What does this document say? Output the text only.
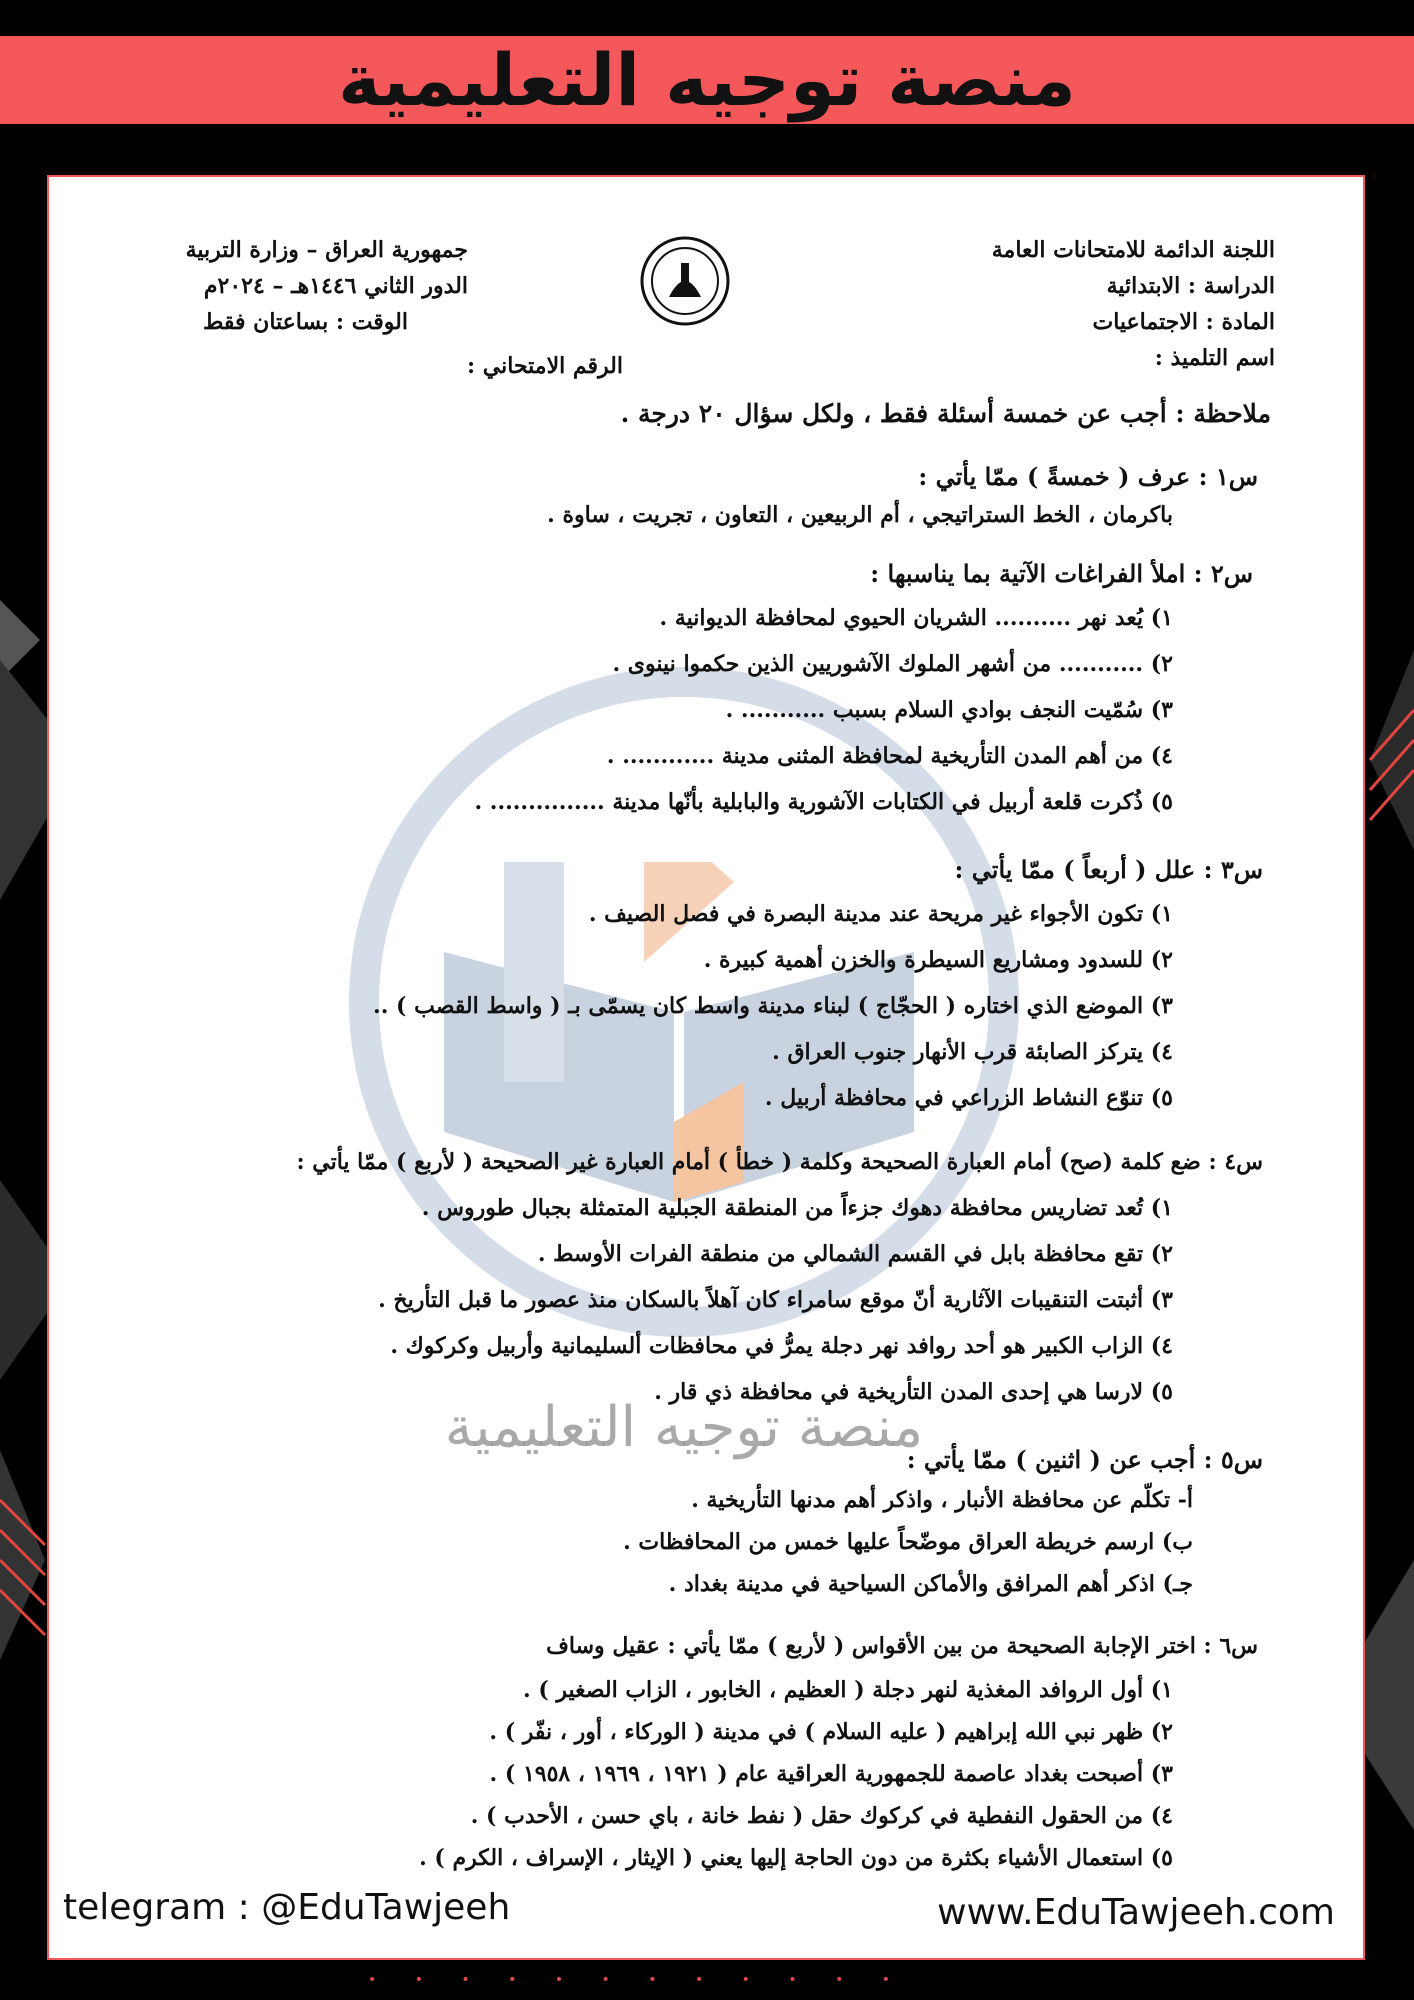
منصة توجيه التعليمية
منصة توجيه التعليمية
اللجنة الدائمة للامتحانات العامة
الدراسة : الابتدائية
المادة : الاجتماعيات
اسم التلميذ :
جمهورية العراق – وزارة التربية
الدور الثاني ١٤٤٦هـ – ٢٠٢٤م
الوقت : بساعتان فقط
الرقم الامتحاني :
ملاحظة : أجب عن خمسة أسئلة فقط ، ولكل سؤال ٢٠ درجة .
س١ : عرف ( خمسةً ) ممّا يأتي :
باكرمان ، الخط الستراتيجي ، أم الربيعين ، التعاون ، تجريت ، ساوة .
س٢ : املأ الفراغات الآتية بما يناسبها :
١) يُعد نهر .......... الشريان الحيوي لمحافظة الديوانية .
٢) ........... من أشهر الملوك الآشوريين الذين حكموا نينوى .
٣) سُمّيت النجف بوادي السلام بسبب ........... .
٤) من أهم المدن التأريخية لمحافظة المثنى مدينة ............ .
٥) ذُكرت قلعة أربيل في الكتابات الآشورية والبابلية بأنّها مدينة ............... .
س٣ : علل ( أربعاً ) ممّا يأتي :
١) تكون الأجواء غير مريحة عند مدينة البصرة في فصل الصيف .
٢) للسدود ومشاريع السيطرة والخزن أهمية كبيرة .
٣) الموضع الذي اختاره ( الحجّاج ) لبناء مدينة واسط كان يسمّى بـ ( واسط القصب ) ..
٤) يتركز الصابئة قرب الأنهار جنوب العراق .
٥) تنوّع النشاط الزراعي في محافظة أربيل .
س٤ : ضع كلمة (صح) أمام العبارة الصحيحة وكلمة ( خطأ ) أمام العبارة غير الصحيحة ( لأربع ) ممّا يأتي :
١) تُعد تضاريس محافظة دهوك جزءاً من المنطقة الجبلية المتمثلة بجبال طوروس .
٢) تقع محافظة بابل في القسم الشمالي من منطقة الفرات الأوسط .
٣) أثبتت التنقيبات الآثارية أنّ موقع سامراء كان آهلاً بالسكان منذ عصور ما قبل التأريخ .
٤) الزاب الكبير هو أحد روافد نهر دجلة يمرُّ في محافظات ألسليمانية وأربيل وكركوك .
٥) لارسا هي إحدى المدن التأريخية في محافظة ذي قار .
س٥ : أجب عن ( اثنين ) ممّا يأتي :
أ- تكلّم عن محافظة الأنبار ، واذكر أهم مدنها التأريخية .
ب) ارسم خريطة العراق موضّحاً عليها خمس من المحافظات .
جـ) اذكر أهم المرافق والأماكن السياحية في مدينة بغداد .
س٦ : اختر الإجابة الصحيحة من بين الأقواس ( لأربع ) ممّا يأتي : عقيل وساف
١) أول الروافد المغذية لنهر دجلة ( العظيم ، الخابور ، الزاب الصغير ) .
٢) ظهر نبي الله إبراهيم ( عليه السلام ) في مدينة ( الوركاء ، أور ، نفّر ) .
٣) أصبحت بغداد عاصمة للجمهورية العراقية عام ( ١٩٢١ ، ١٩٦٩ ، ١٩٥٨ ) .
٤) من الحقول النفطية في كركوك حقل ( نفط خانة ، باي حسن ، الأحدب ) .
٥) استعمال الأشياء بكثرة من دون الحاجة إليها يعني ( الإيثار ، الإسراف ، الكرم ) .
telegram : @EduTawjeeh	www.EduTawjeeh.com
• • • • • • • • • • • •
